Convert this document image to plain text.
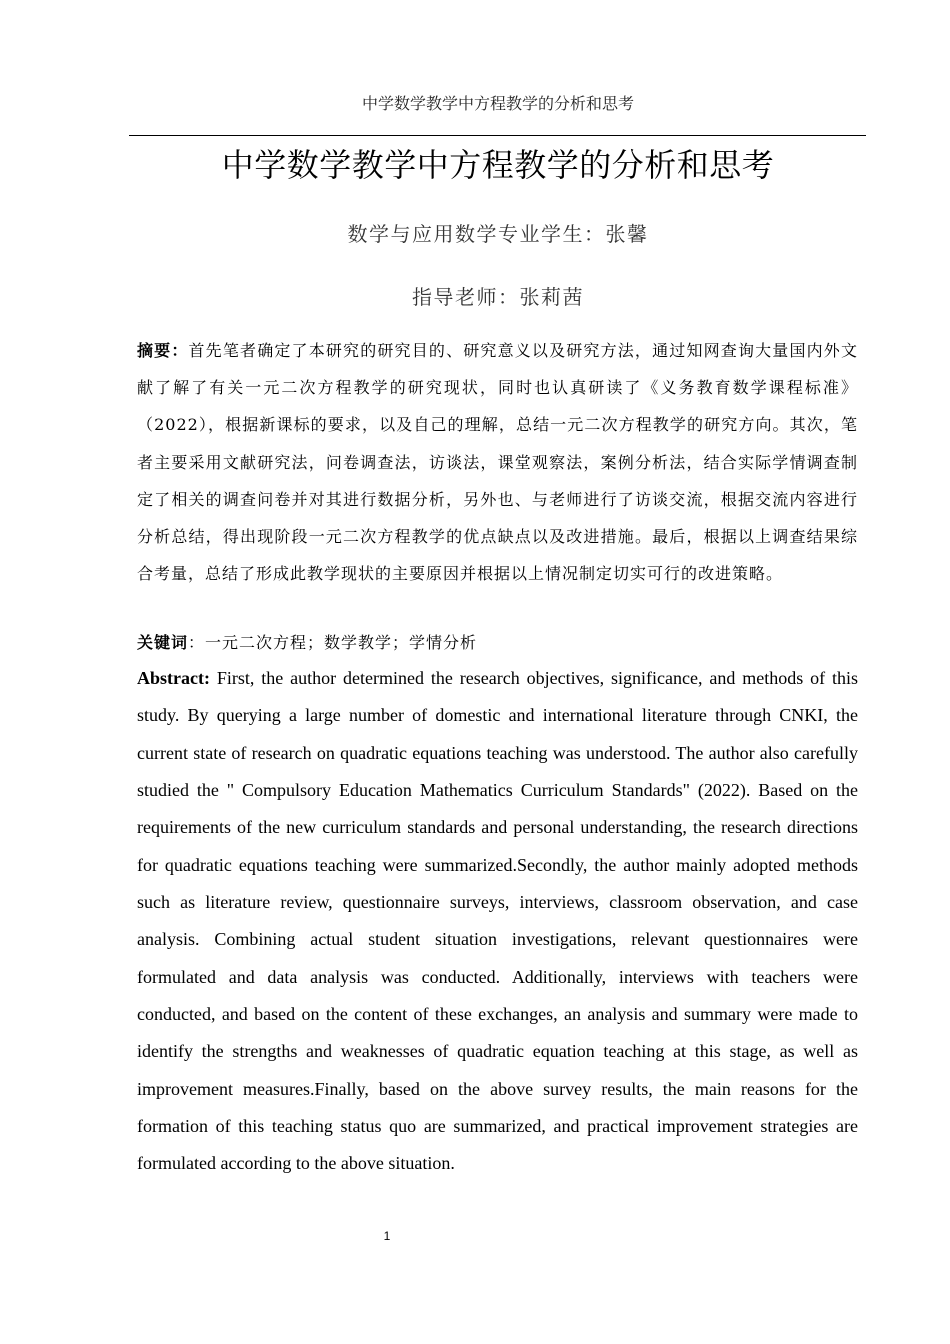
中学数学教学中方程教学的分析和思考
中学数学教学中方程教学的分析和思考
数学与应用数学专业学生：张馨
指导老师：张莉茜

摘要：首先笔者确定了本研究的研究目的、研究意义以及研究方法，通过知网查询大量国内外文献了解了有关一元二次方程教学的研究现状，同时也认真研读了《义务教育数学课程标准》（2022），根据新课标的要求，以及自己的理解，总结一元二次方程教学的研究方向。其次，笔者主要采用文献研究法，问卷调查法，访谈法，课堂观察法，案例分析法，结合实际学情调查制定了相关的调查问卷并对其进行数据分析，另外也、与老师进行了访谈交流，根据交流内容进行分析总结，得出现阶段一元二次方程教学的优点缺点以及改进措施。最后，根据以上调查结果综合考量，总结了形成此教学现状的主要原因并根据以上情况制定切实可行的改进策略。

关键词：一元二次方程；数学教学；学情分析

Abstract: First, the author determined the research objectives, significance, and methods of this study. By querying a large number of domestic and international literature through CNKI, the current state of research on quadratic equations teaching was understood. The author also carefully studied the " Compulsory Education Mathematics Curriculum Standards" (2022). Based on the requirements of the new curriculum standards and personal understanding, the research directions for quadratic equations teaching were summarized.Secondly, the author mainly adopted methods such as literature review, questionnaire surveys, interviews, classroom observation, and case analysis. Combining actual student situation investigations, relevant questionnaires were formulated and data analysis was conducted. Additionally, interviews with teachers were conducted, and based on the content of these exchanges, an analysis and summary were made to identify the strengths and weaknesses of quadratic equation teaching at this stage, as well as improvement measures.Finally, based on the above survey results, the main reasons for the formation of this teaching status quo are summarized, and practical improvement strategies are formulated according to the above situation.

1
